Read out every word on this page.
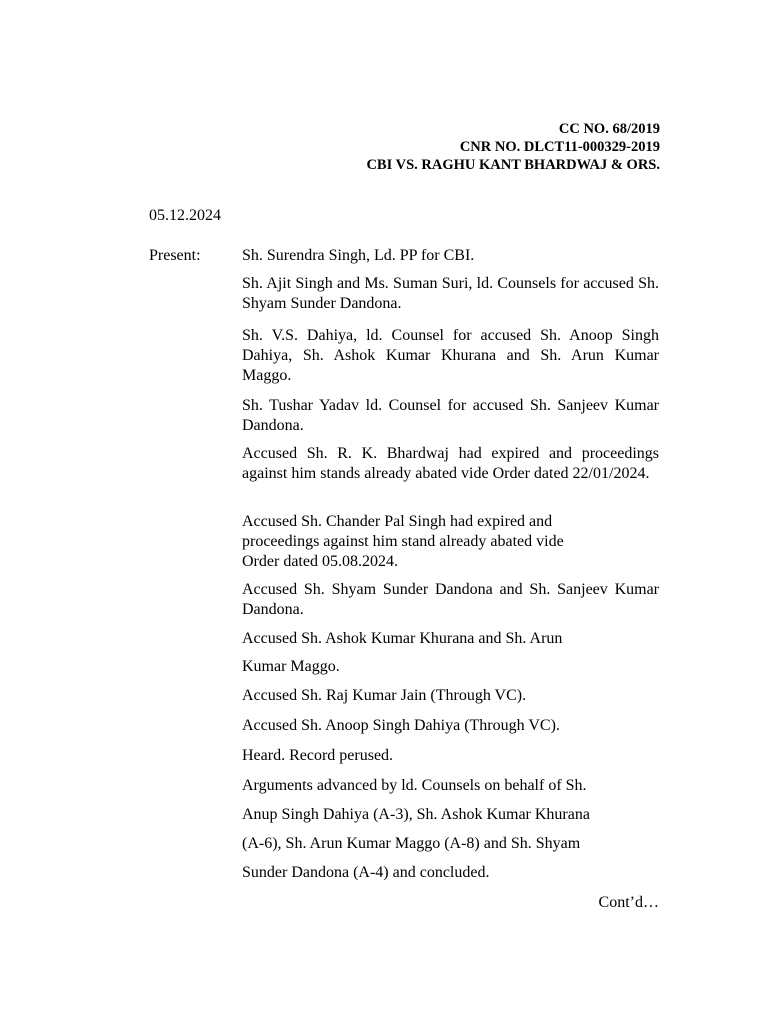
CC NO. 68/2019
CNR NO. DLCT11-000329-2019
CBI VS. RAGHU KANT BHARDWAJ & ORS.
05.12.2024
Present:	Sh. Surendra Singh, Ld. PP for CBI.

Sh. Ajit Singh and Ms. Suman Suri, ld. Counsels for accused Sh. Shyam Sunder Dandona.

Sh. V.S. Dahiya, ld. Counsel for accused Sh. Anoop Singh Dahiya, Sh. Ashok Kumar Khurana and Sh. Arun Kumar Maggo.

Sh. Tushar Yadav ld. Counsel for accused Sh. Sanjeev Kumar Dandona.

Accused Sh. R. K. Bhardwaj had expired and proceedings against him stands already abated vide Order dated 22/01/2024.

Accused Sh. Chander Pal Singh had expired and

proceedings against him stand already abated vide

Order dated 05.08.2024.

Accused Sh. Shyam Sunder Dandona and Sh. Sanjeev Kumar Dandona.

Accused Sh. Ashok Kumar Khurana and Sh. Arun

Kumar Maggo.

Accused Sh. Raj Kumar Jain (Through VC).

Accused Sh. Anoop Singh Dahiya (Through VC).

Heard. Record perused.

Arguments advanced by ld. Counsels on behalf of Sh.

Anup Singh Dahiya (A-3), Sh. Ashok Kumar Khurana

(A-6), Sh. Arun Kumar Maggo (A-8) and Sh. Shyam

Sunder Dandona (A-4) and concluded.

Cont’d…
